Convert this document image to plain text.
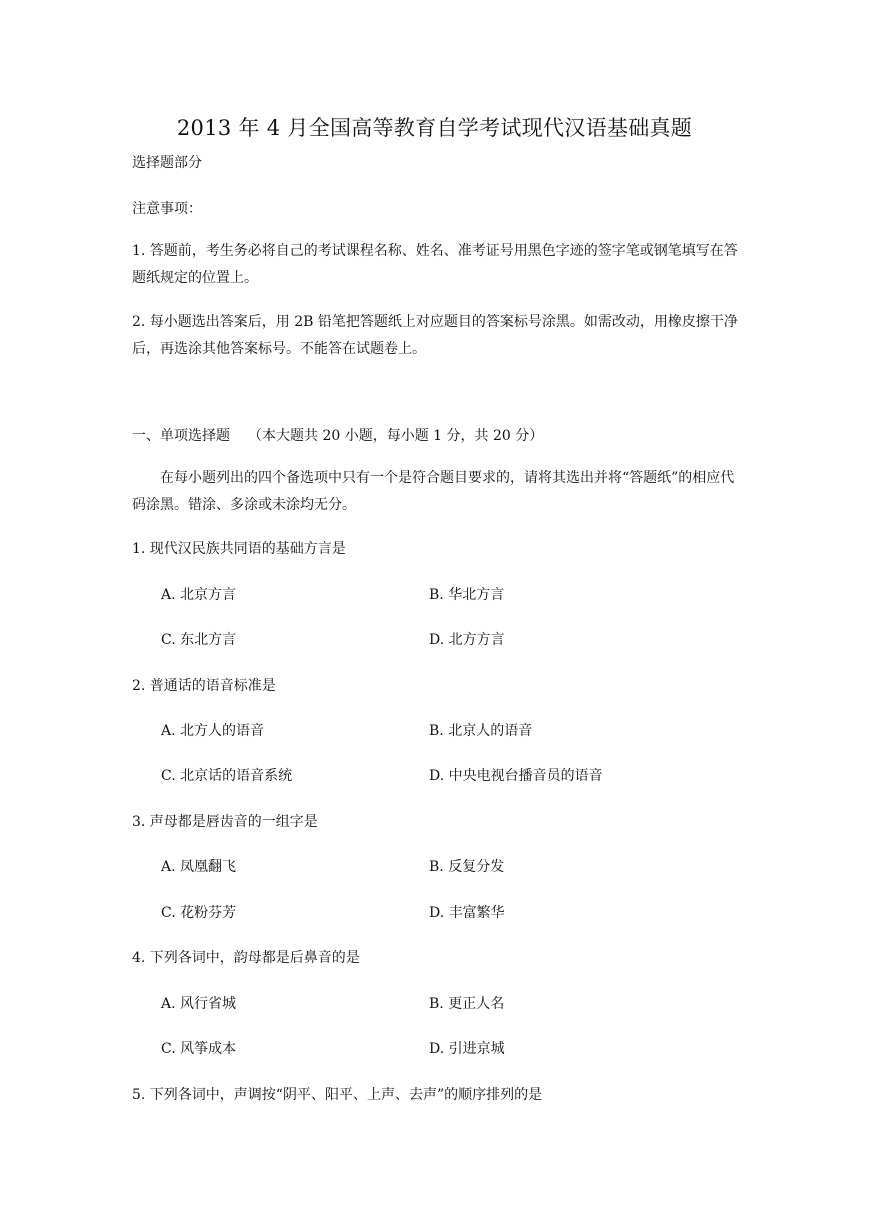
2013 年 4 月全国高等教育自学考试现代汉语基础真题
选择题部分
注意事项：
1. 答题前，考生务必将自己的考试课程名称、姓名、准考证号用黑色字迹的签字笔或钢笔填写在答题纸规定的位置上。
2. 每小题选出答案后，用 2B 铅笔把答题纸上对应题目的答案标号涂黑。如需改动，用橡皮擦干净后，再选涂其他答案标号。不能答在试题卷上。
一、单项选择题 （本大题共 20 小题，每小题 1 分，共 20 分）
在每小题列出的四个备选项中只有一个是符合题目要求的，请将其选出并将“答题纸”的相应代码涂黑。错涂、多涂或未涂均无分。
1. 现代汉民族共同语的基础方言是
A. 北京方言	B. 华北方言
C. 东北方言	D. 北方方言
2. 普通话的语音标准是
A. 北方人的语音	B. 北京人的语音
C. 北京话的语音系统	D. 中央电视台播音员的语音
3. 声母都是唇齿音的一组字是
A. 凤凰翻飞	B. 反复分发
C. 花粉芬芳	D. 丰富繁华
4. 下列各词中，韵母都是后鼻音的是
A. 风行省城	B. 更正人名
C. 风筝成本	D. 引进京城
5. 下列各词中，声调按“阴平、阳平、上声、去声”的顺序排列的是
